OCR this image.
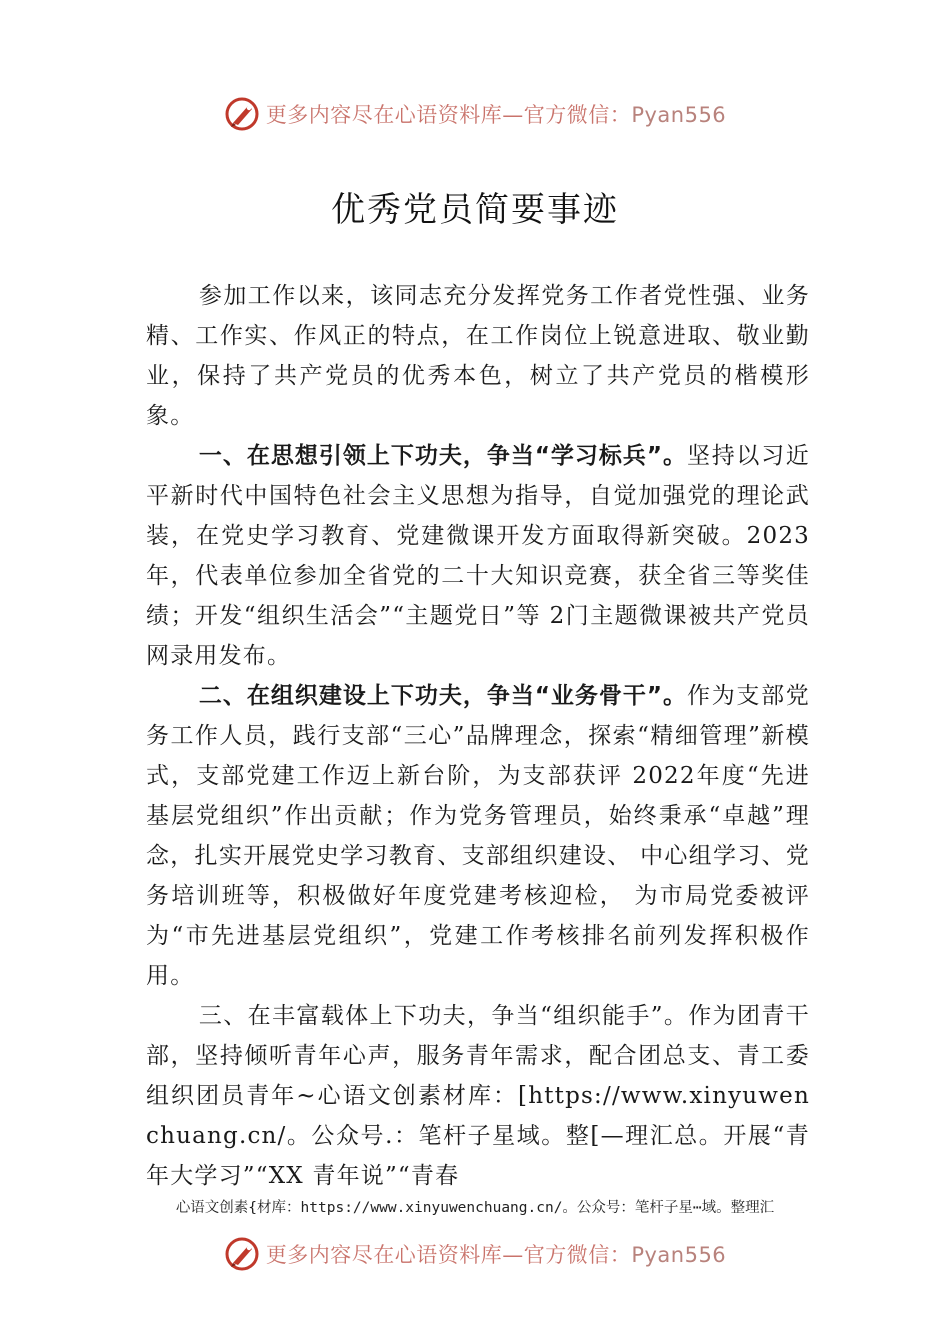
更多内容尽在心语资料库—官方微信：Pyan556
优秀党员简要事迹

参加工作以来，该同志充分发挥党务工作者党性强、业务精、工作实、作风正的特点，在工作岗位上锐意进取、敬业勤业，保持了共产党员的优秀本色，树立了共产党员的楷模形象。

一、在思想引领上下功夫，争当“学习标兵”。坚持以习近平新时代中国特色社会主义思想为指导，自觉加强党的理论武装，在党史学习教育、党建微课开发方面取得新突破。2023年，代表单位参加全省党的二十大知识竞赛，获全省三等奖佳绩；开发“组织生活会”“主题党日”等 2门主题微课被共产党员网录用发布。

二、在组织建设上下功夫，争当“业务骨干”。作为支部党务工作人员，践行支部“三心”品牌理念，探索“精细管理”新模式，支部党建工作迈上新台阶，为支部获评 2022年度“先进基层党组织”作出贡献；作为党务管理员，始终秉承“卓越”理念，扎实开展党史学习教育、支部组织建设、 中心组学习、党务培训班等，积极做好年度党建考核迎检， 为市局党委被评为“市先进基层党组织”，党建工作考核排名前列发挥积极作用。

三、在丰富载体上下功夫，争当“组织能手”。作为团青干部，坚持倾听青年心声，服务青年需求，配合团总支、青工委组织团员青年~心语文创素材库：[https://www.xinyuwenchuang.cn/。公众号.：笔杆子星域。整[—理汇总。开展“青年大学习”“XX 青年说”“青春

心语文创素{材库：https://www.xinyuwenchuang.cn/。公众号：笔杆子星⋯域。整理汇
更多内容尽在心语资料库—官方微信：Pyan556
